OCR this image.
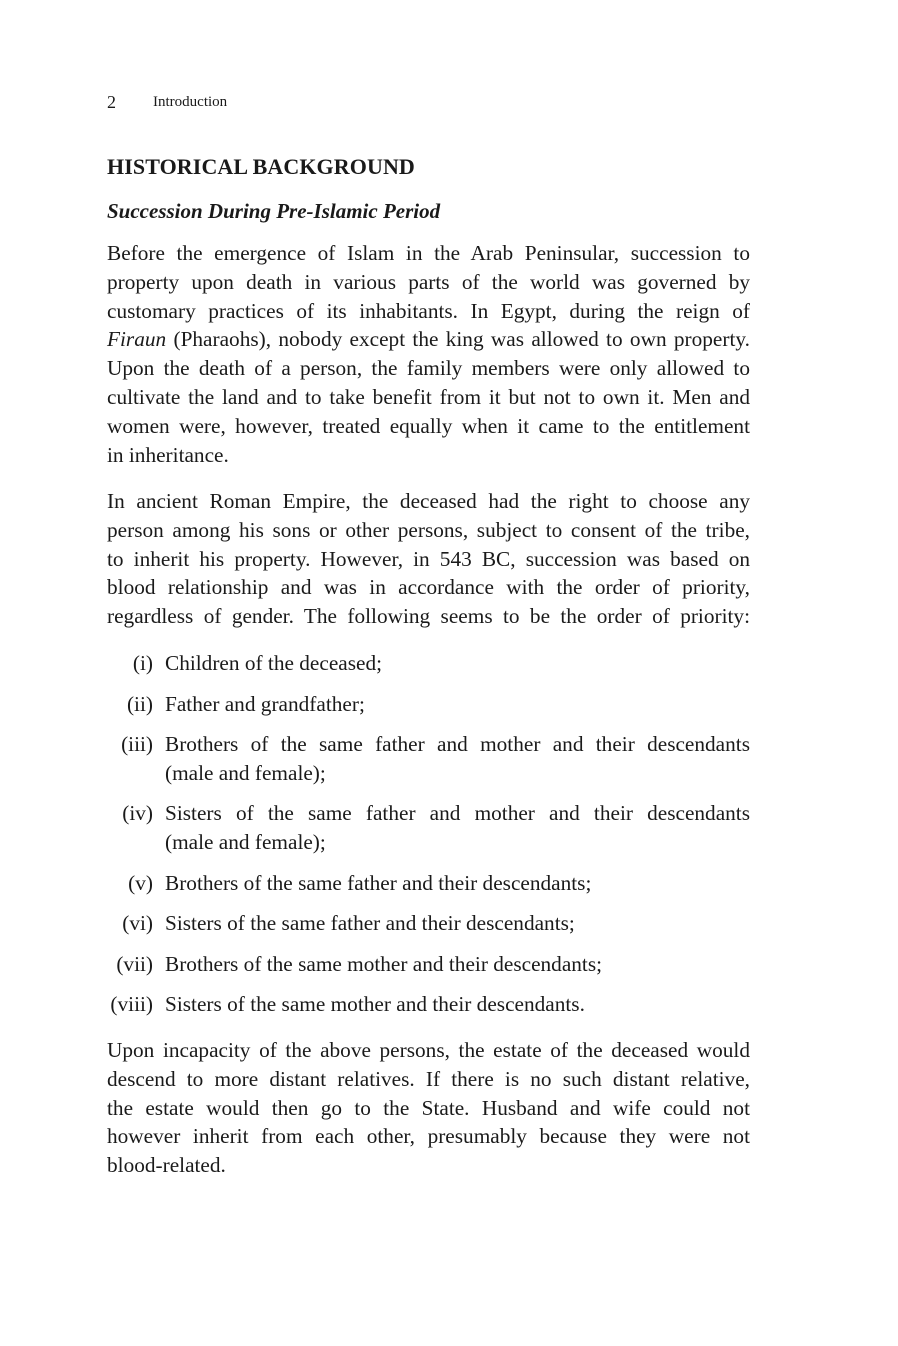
2 Introduction
HISTORICAL BACKGROUND
Succession During Pre-Islamic Period
Before the emergence of Islam in the Arab Peninsular, succession to
property upon death in various parts of the world was governed by
customary practices of its inhabitants. In Egypt, during the reign of
Firaun (Pharaohs), nobody except the king was allowed to own property.
Upon the death of a person, the family members were only allowed to
cultivate the land and to take benefit from it but not to own it. Men and
women were, however, treated equally when it came to the entitlement
in inheritance.
In ancient Roman Empire, the deceased had the right to choose any
person among his sons or other persons, subject to consent of the tribe,
to inherit his property. However, in 543 BC, succession was based on
blood relationship and was in accordance with the order of priority,
regardless of gender. The following seems to be the order of priority:
(i) Children of the deceased;
(ii) Father and grandfather;
(iii) Brothers of the same father and mother and their descendants
(male and female);
(iv) Sisters of the same father and mother and their descendants
(male and female);
(v) Brothers of the same father and their descendants;
(vi) Sisters of the same father and their descendants;
(vii) Brothers of the same mother and their descendants;
(viii) Sisters of the same mother and their descendants.
Upon incapacity of the above persons, the estate of the deceased would
descend to more distant relatives. If there is no such distant relative,
the estate would then go to the State. Husband and wife could not
however inherit from each other, presumably because they were not
blood-related.
